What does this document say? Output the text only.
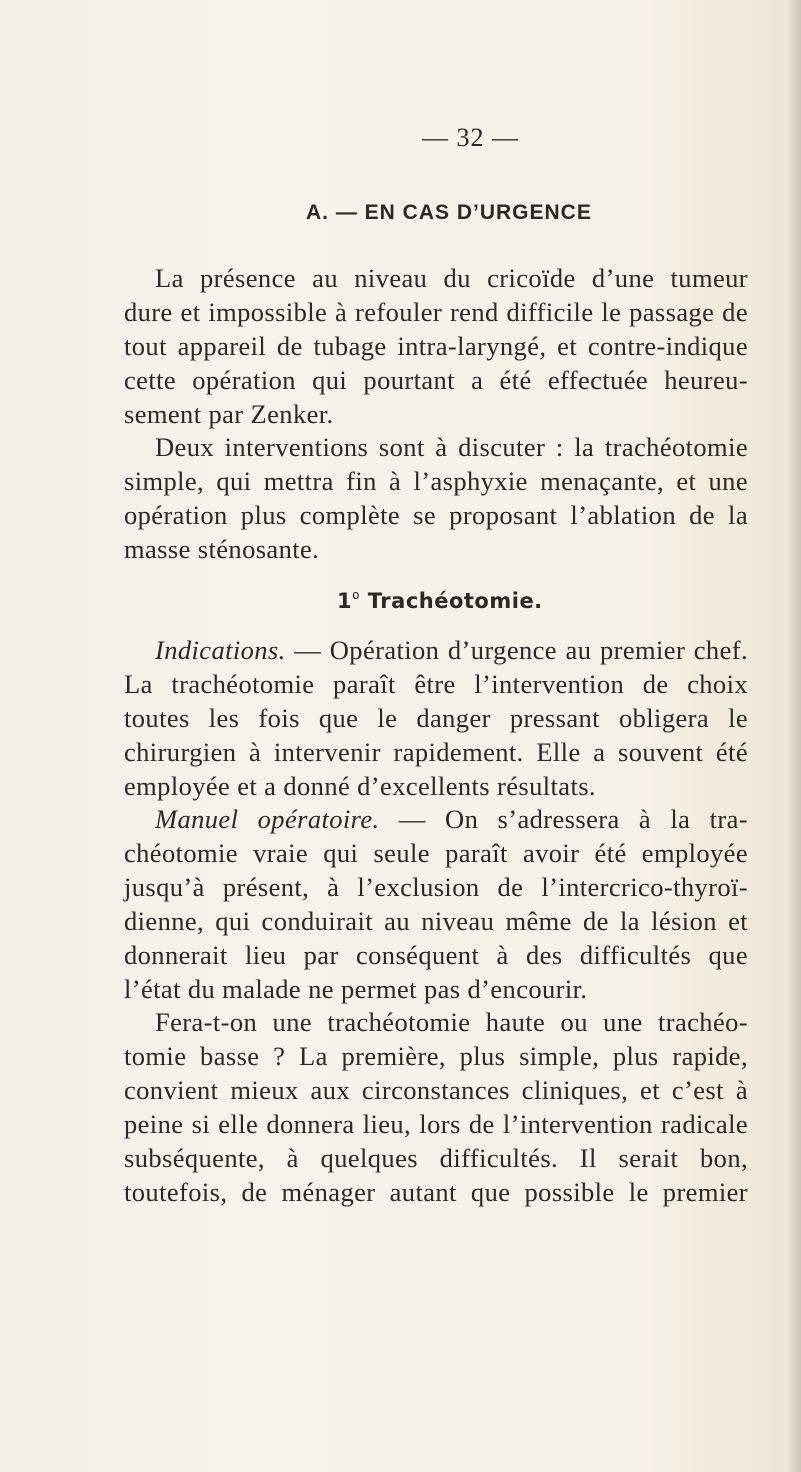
— 32 —
A. — EN CAS D’URGENCE
La présence au niveau du cricoïde d’une tumeur
dure et impossible à refouler rend difficile le passage de
tout appareil de tubage intra-laryngé, et contre-indique
cette opération qui pourtant a été effectuée heureu-
sement par Zenker.
Deux interventions sont à discuter : la trachéotomie
simple, qui mettra fin à l’asphyxie menaçante, et une
opération plus complète se proposant l’ablation de la
masse sténosante.
1$^o$ Trachéotomie.
Indications. — Opération d’urgence au premier chef.
La trachéotomie paraît être l’intervention de choix
toutes les fois que le danger pressant obligera le
chirurgien à intervenir rapidement. Elle a souvent été
employée et a donné d’excellents résultats.
Manuel opératoire. — On s’adressera à la tra-
chéotomie vraie qui seule paraît avoir été employée
jusqu’à présent, à l’exclusion de l’intercrico-thyroï-
dienne, qui conduirait au niveau même de la lésion et
donnerait lieu par conséquent à des difficultés que
l’état du malade ne permet pas d’encourir.
Fera-t-on une trachéotomie haute ou une trachéo-
tomie basse ? La première, plus simple, plus rapide,
convient mieux aux circonstances cliniques, et c’est à
peine si elle donnera lieu, lors de l’intervention radicale
subséquente, à quelques difficultés. Il serait bon,
toutefois, de ménager autant que possible le premier
